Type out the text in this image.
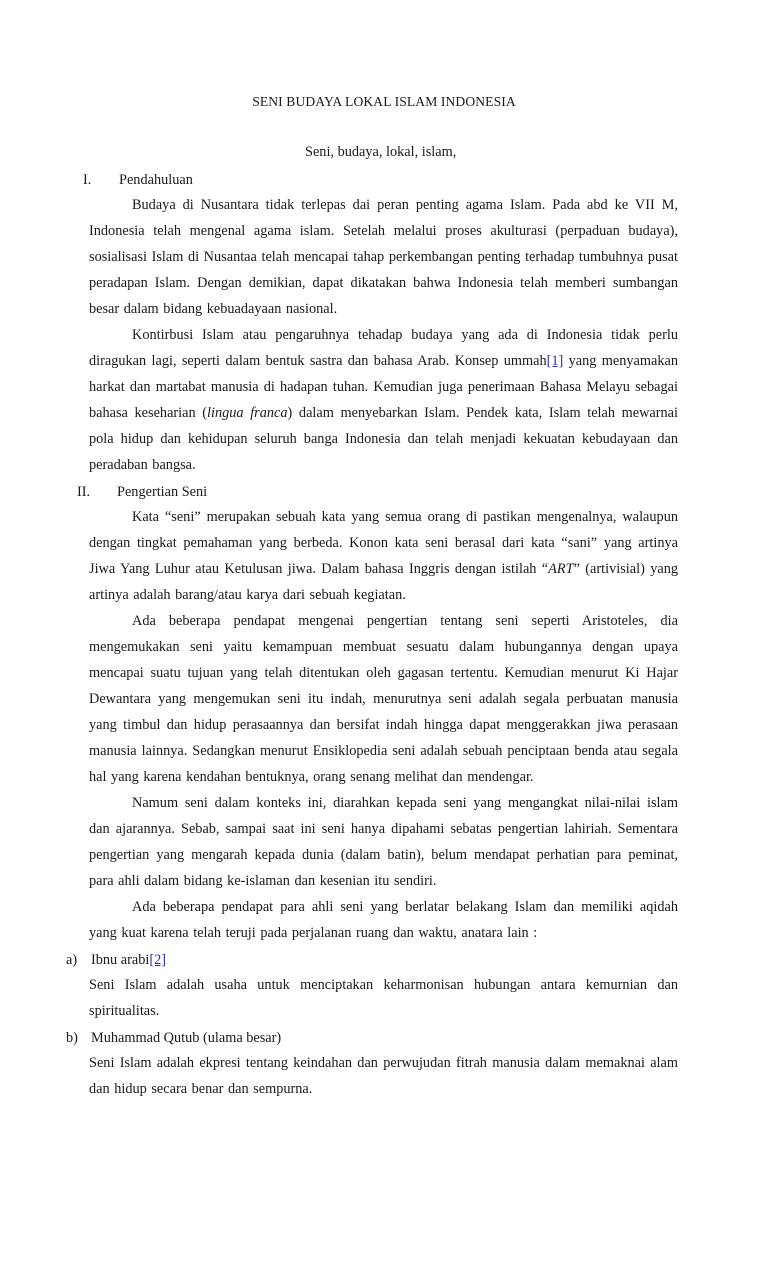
SENI BUDAYA LOKAL ISLAM INDONESIA
Seni, budaya, lokal, islam,
I. Pendahuluan

Budaya di Nusantara tidak terlepas dai peran penting agama Islam. Pada abd ke VII M, Indonesia telah mengenal agama islam. Setelah melalui proses akulturasi (perpaduan budaya), sosialisasi Islam di Nusantaa telah mencapai tahap perkembangan penting terhadap tumbuhnya pusat peradapan Islam. Dengan demikian, dapat dikatakan bahwa Indonesia telah memberi sumbangan besar dalam bidang kebuadayaan nasional.

Kontirbusi Islam atau pengaruhnya tehadap budaya yang ada di Indonesia tidak perlu diragukan lagi, seperti dalam bentuk sastra dan bahasa Arab. Konsep ummah[1] yang menyamakan harkat dan martabat manusia di hadapan tuhan. Kemudian juga penerimaan Bahasa Melayu sebagai bahasa keseharian (lingua franca) dalam menyebarkan Islam. Pendek kata, Islam telah mewarnai pola hidup dan kehidupan seluruh banga Indonesia dan telah menjadi kekuatan kebudayaan dan peradaban bangsa.

II. Pengertian Seni

Kata “seni” merupakan sebuah kata yang semua orang di pastikan mengenalnya, walaupun dengan tingkat pemahaman yang berbeda. Konon kata seni berasal dari kata “sani” yang artinya Jiwa Yang Luhur atau Ketulusan jiwa. Dalam bahasa Inggris dengan istilah “ART” (artivisial) yang artinya adalah barang/atau karya dari sebuah kegiatan.

Ada beberapa pendapat mengenai pengertian tentang seni seperti Aristoteles, dia mengemukakan seni yaitu kemampuan membuat sesuatu dalam hubungannya dengan upaya mencapai suatu tujuan yang telah ditentukan oleh gagasan tertentu. Kemudian menurut Ki Hajar Dewantara yang mengemukan seni itu indah, menurutnya seni adalah segala perbuatan manusia yang timbul dan hidup perasaannya dan bersifat indah hingga dapat menggerakkan jiwa perasaan manusia lainnya. Sedangkan menurut Ensiklopedia seni adalah sebuah penciptaan benda atau segala hal yang karena kendahan bentuknya, orang senang melihat dan mendengar.

Namum seni dalam konteks ini, diarahkan kepada seni yang mengangkat nilai-nilai islam dan ajarannya. Sebab, sampai saat ini seni hanya dipahami sebatas pengertian lahiriah. Sementara pengertian yang mengarah kepada dunia (dalam batin), belum mendapat perhatian para peminat, para ahli dalam bidang ke-islaman dan kesenian itu sendiri.

Ada beberapa pendapat para ahli seni yang berlatar belakang Islam dan memiliki aqidah yang kuat karena telah teruji pada perjalanan ruang dan waktu, anatara lain :

a) Ibnu arabi[2]

Seni Islam adalah usaha untuk menciptakan keharmonisan hubungan antara kemurnian dan spiritualitas.

b) Muhammad Qutub (ulama besar)

Seni Islam adalah ekpresi tentang keindahan dan perwujudan fitrah manusia dalam memaknai alam dan hidup secara benar dan sempurna.
